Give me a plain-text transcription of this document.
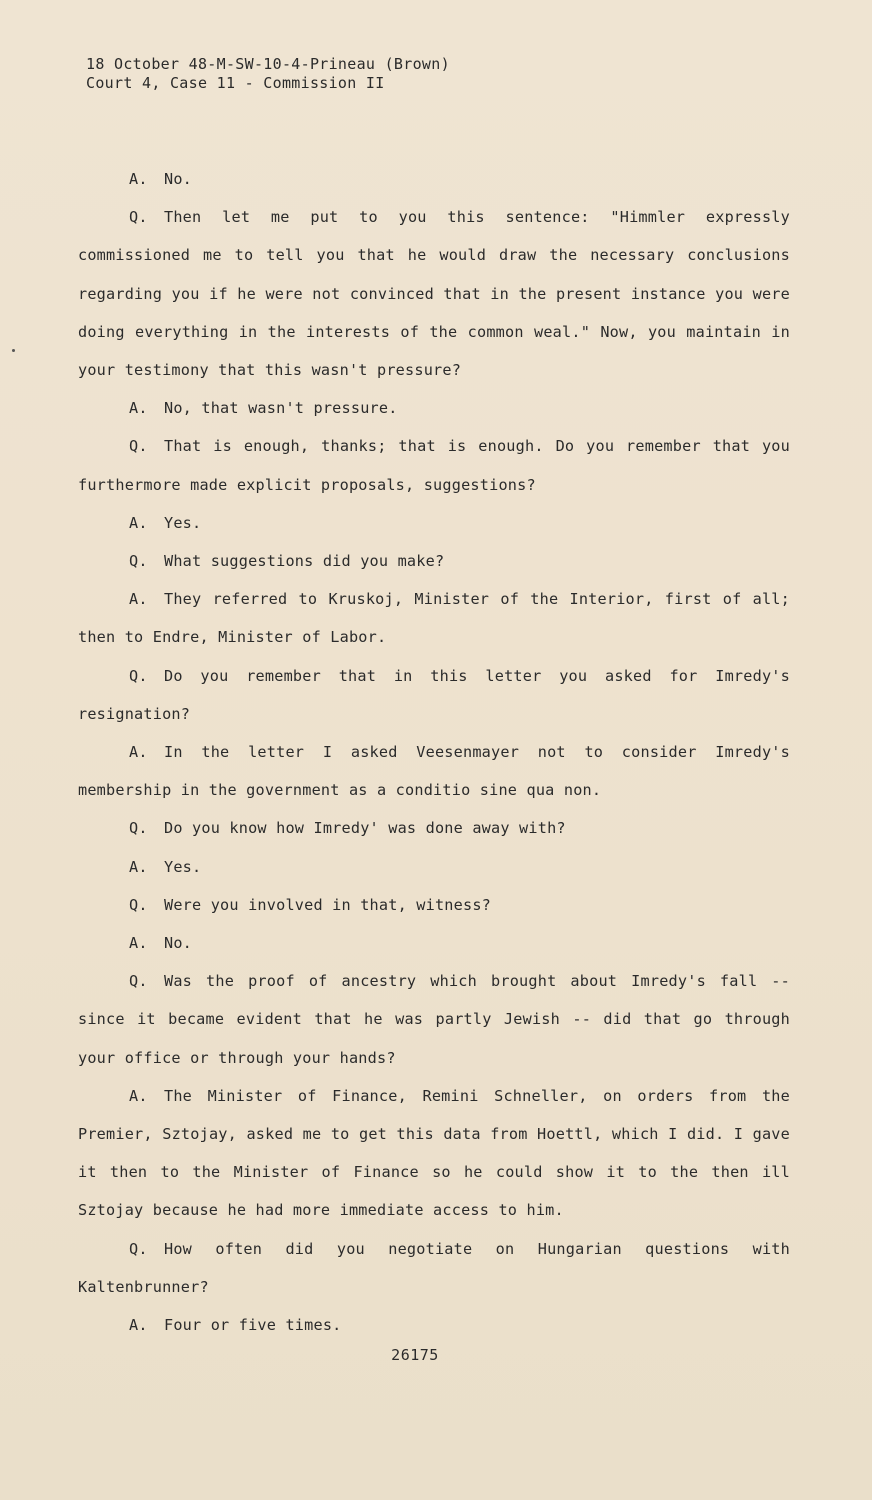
18 October 48-M-SW-10-4-Prineau (Brown)
Court 4, Case 11 - Commission II

A. No.

Q. Then let me put to you this sentence: "Himmler expressly commissioned me to tell you that he would draw the necessary conclusions regarding you if he were not convinced that in the present instance you were doing everything in the interests of the common weal." Now, you maintain in your testimony that this wasn't pressure?

A. No, that wasn't pressure.

Q. That is enough, thanks; that is enough. Do you remember that you furthermore made explicit proposals, suggestions?

A. Yes.

Q. What suggestions did you make?

A. They referred to Kruskoj, Minister of the Interior, first of all; then to Endre, Minister of Labor.

Q. Do you remember that in this letter you asked for Imredy's resignation?

A. In the letter I asked Veesenmayer not to consider Imredy's membership in the government as a conditio sine qua non.

Q. Do you know how Imredy' was done away with?

A. Yes.

Q. Were you involved in that, witness?

A. No.

Q. Was the proof of ancestry which brought about Imredy's fall -- since it became evident that he was partly Jewish -- did that go through your office or through your hands?

A. The Minister of Finance, Remini Schneller, on orders from the Premier, Sztojay, asked me to get this data from Hoettl, which I did. I gave it then to the Minister of Finance so he could show it to the then ill Sztojay because he had more immediate access to him.

Q. How often did you negotiate on Hungarian questions with Kaltenbrunner?

A. Four or five times.

26175
